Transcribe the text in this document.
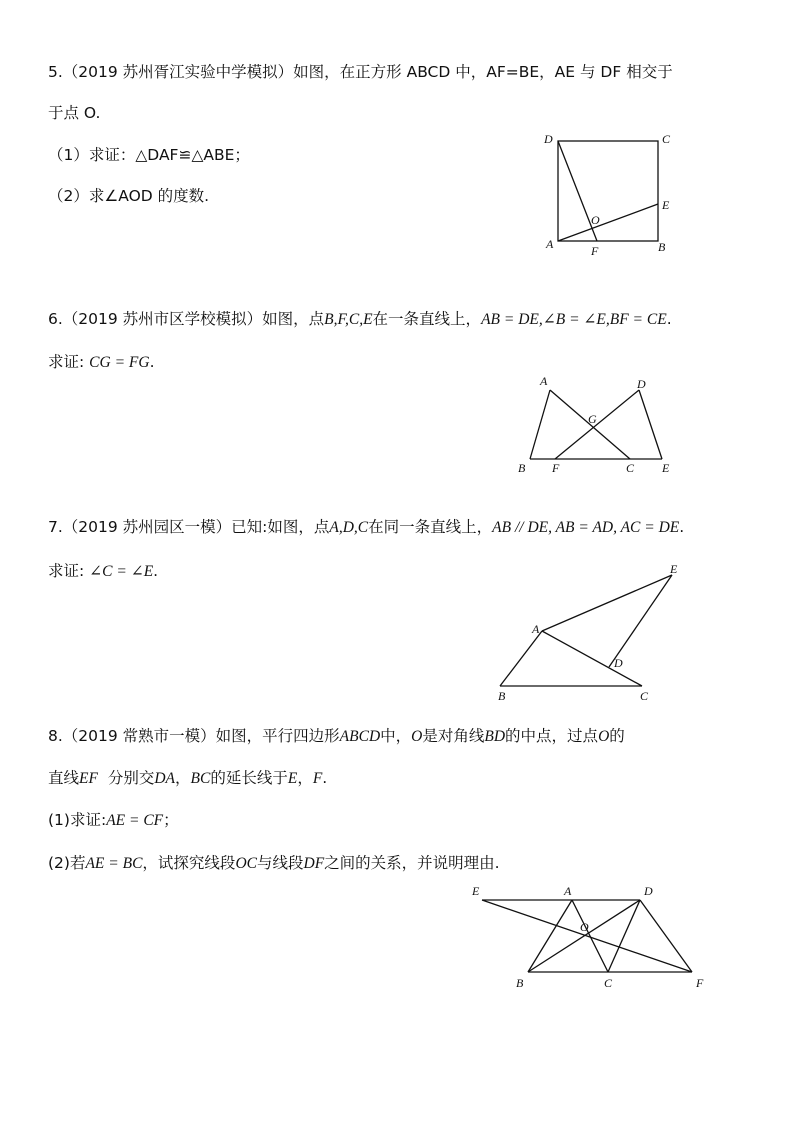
5.（2019 苏州胥江实验中学模拟）如图，在正方形 ABCD 中，AF=BE，AE 与 DF 相交于
于点 O.
（1）求证：△DAF≌△ABE；
（2）求∠AOD 的度数.
D	C
E
O
A	F	B
6.（2019 苏州市区学校模拟）如图，点B,F,C,E在一条直线上，AB = DE,∠B = ∠E,BF = CE.
求证: CG = FG.
A	D
G
B F	C E
7.（2019 苏州园区一模）已知:如图，点A,D,C在同一条直线上，AB // DE, AB = AD, AC = DE.
求证: ∠C = ∠E.	E
A
D
B	C
8.（2019 常熟市一模）如图，平行四边形ABCD中，O是对角线BD的中点，过点O的
直线EF 分别交DA，BC的延长线于E，F.
(1)求证:AE = CF；
(2)若AE = BC，试探究线段OC与线段DF之间的关系，并说明理由.
E	A	D
O
B	C	F
